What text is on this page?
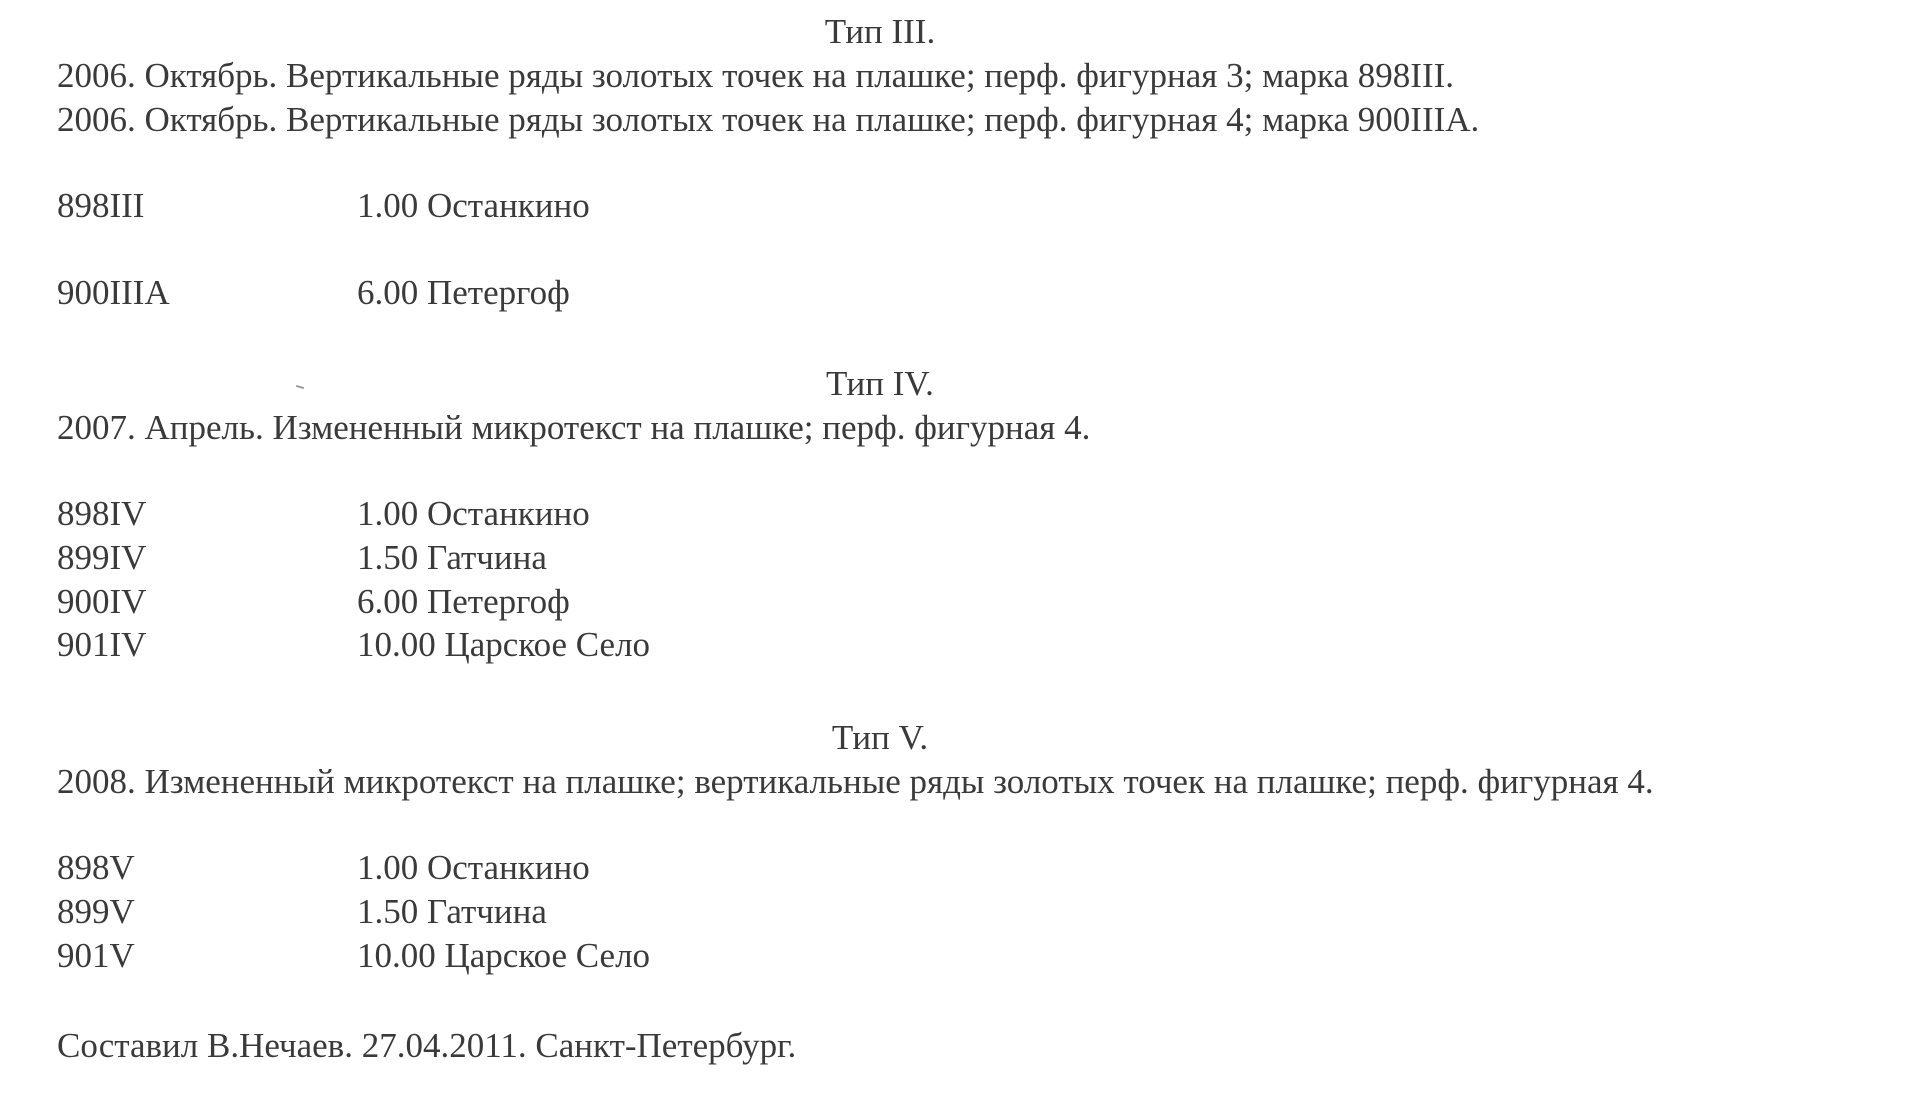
Тип III.
2006. Октябрь. Вертикальные ряды золотых точек на плашке; перф. фигурная 3; марка 898III.
2006. Октябрь. Вертикальные ряды золотых точек на плашке; перф. фигурная 4; марка 900IIIA.
898III	1.00 Останкино
900IIIA	6.00 Петергоф
Тип IV.
2007. Апрель. Измененный микротекст на плашке; перф. фигурная 4.
898IV	1.00 Останкино
899IV	1.50 Гатчина
900IV	6.00 Петергоф
901IV	10.00 Царское Село
Тип V.
2008. Измененный микротекст на плашке; вертикальные ряды золотых точек на плашке; перф. фигурная 4.
898V	1.00 Останкино
899V	1.50 Гатчина
901V	10.00 Царское Село
Составил В.Нечаев. 27.04.2011. Санкт-Петербург.
